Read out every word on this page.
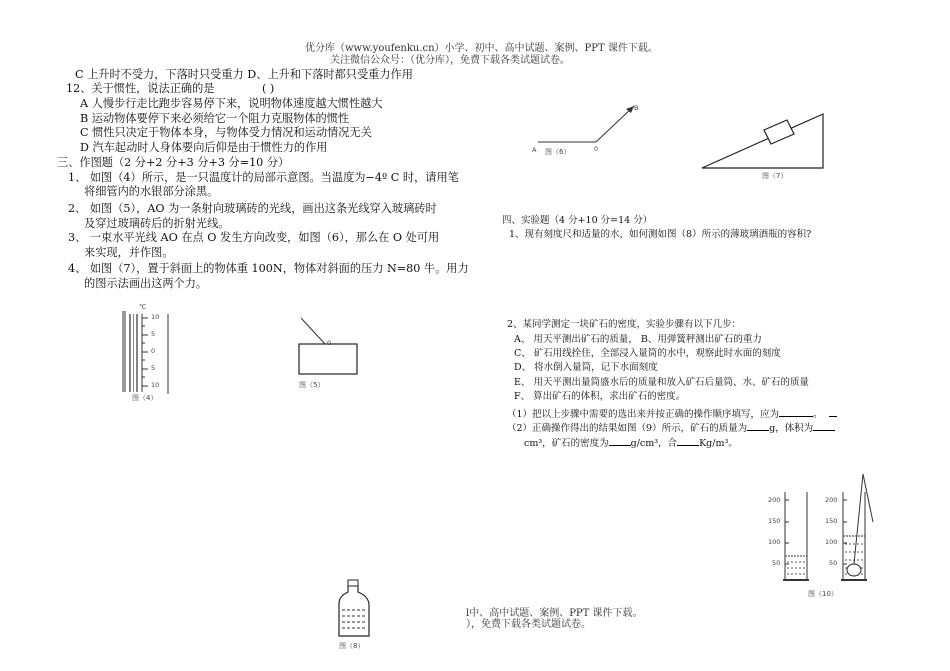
优分库（www.youfenku.cn）小学、初中、高中试题、案例、PPT 课件下载。
关注微信公众号：（优分库），免费下载各类试题试卷。
C 上升时不受力，下落时只受重力 D、上升和下落时都只受重力作用
12、关于惯性，说法正确的是	( )
A 人慢步行走比跑步容易停下来，说明物体速度越大惯性越大
B 运动物体要停下来必须给它一个阻力克服物体的惯性
C 惯性只决定于物体本身，与物体受力情况和运动情况无关
D 汽车起动时人身体要向后仰是由于惯性力的作用
三、作图题（2 分+2 分+3 分+3 分=10 分）
1、 如图（4）所示，是一只温度计的局部示意图。当温度为−4º C 时，请用笔
将细管内的水银部分涂黑。
2、 如图（5），AO 为一条射向玻璃砖的光线，画出这条光线穿入玻璃砖时
及穿过玻璃砖后的折射光线。
3、 一束水平光线 AO 在点 O 发生方向改变，如图（6），那么在 O 处可用
来实现，并作图。
4、 如图（7），置于斜面上的物体重 100N，物体对斜面的压力 N=80 牛。用力
的图示法画出这两个力。
℃
10
5
0
5
10
图（4）
0
图（5）
A 图（6）	0
B
图（7）
四、实验题（4 分+10 分=14 分）
1、现有刻度尺和适量的水，如何测如图（8）所示的薄玻璃酒瓶的容积?
2、某同学测定一块矿石的密度，实验步骤有以下几步：
A、 用天平测出矿石的质量， B、用弹簧秤测出矿石的重力
C、 矿石用线拴住，全部浸入量筒的水中，观察此时水面的刻度
D、 将水倒入量筒，记下水面刻度
E、 用天平测出量筒盛水后的质量和放入矿石后量筒、水、矿石的质量
F、 算出矿石的体积，求出矿石的密度。
（1）把以上步骤中需要的选出来并按正确的操作顺序填写，应为	。
（2）正确操作得出的结果如图（9）所示，矿石的质量为 g，体积为
cm³，矿石的密度为 g/cm³，合 Kg/m³。
200
150
100
50
200
150
100
50
图（10）
图（8）
l中、高中试题、案例、PPT 课件下载。
），免费下载各类试题试卷。
